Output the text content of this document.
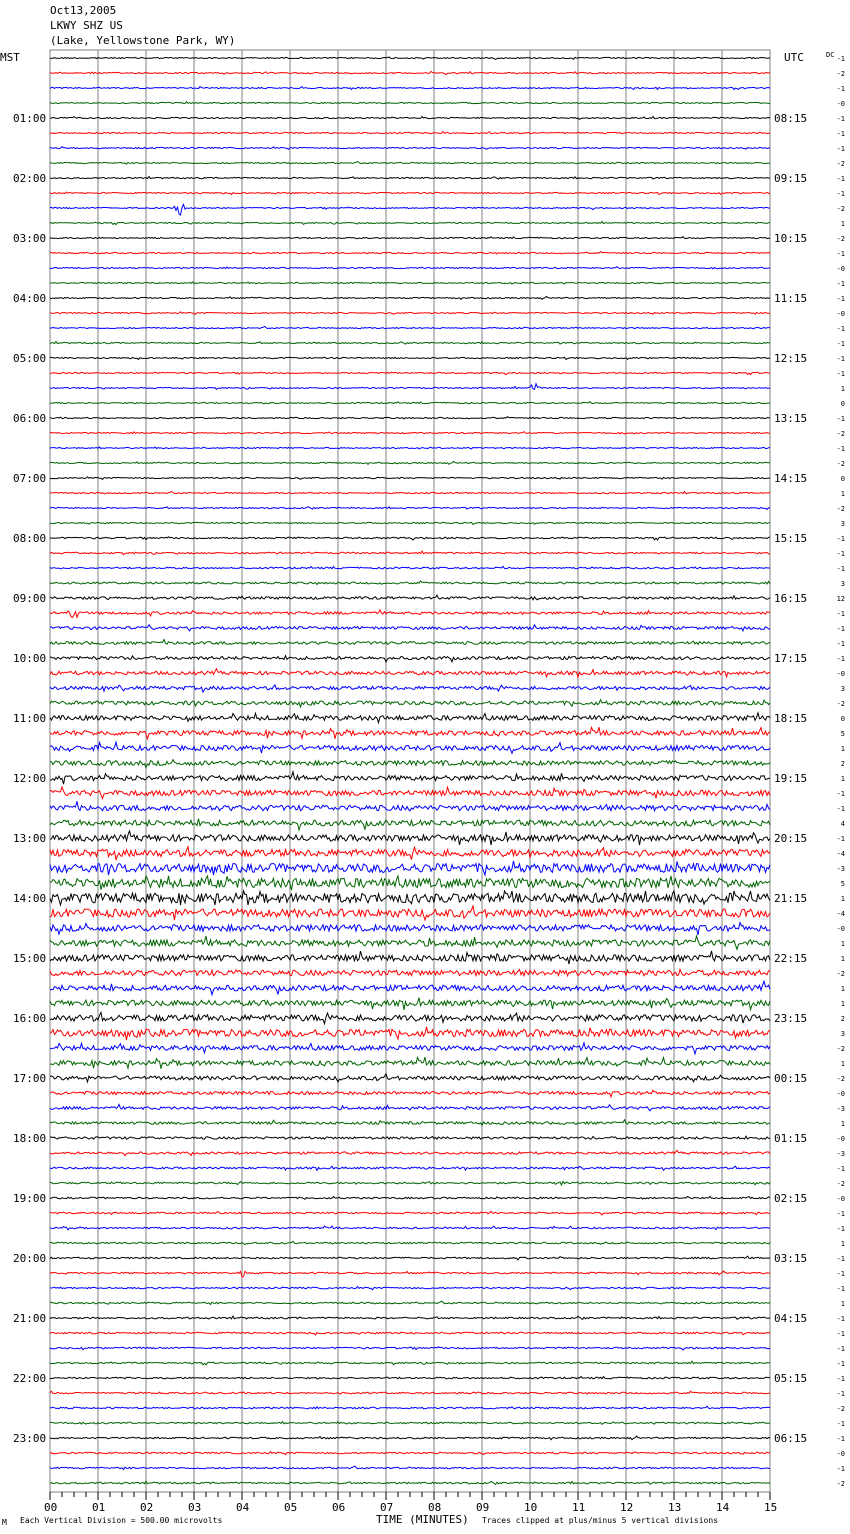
Oct13,2005
LKWY SHZ US
(Lake, Yellowstone Park, WY)
MST	UTC	DC
TIME (MINUTES)
Each Vertical Division = 500.00 microvolts	Traces clipped at plus/minus 5 vertical divisions
M
00	01	02	03	04	05	06	07	08	09	10	11	12	13	14	15
01:00
02:00
03:00
04:00
05:00
06:00
07:00
08:00
09:00
10:00
11:00
12:00
13:00
14:00
15:00
16:00
17:00
18:00
19:00
20:00
21:00
22:00
23:00
08:15
09:15
10:15
11:15
12:15
13:15
14:15
15:15
16:15
17:15
18:15
19:15
20:15
21:15
22:15
23:15
00:15
01:15
02:15
03:15
04:15
05:15
06:15
-1
-2
-1
-0
-1
-1
-1
-2
-1
-1
-2
1
-2
-1
-0
-1
-1
-0
-1
-1
-1
-1
1
0
-1
-2
-1
-2
0
1
-2
3
-1
-1
-1
3
12
-1
-1
-1
-1
-0
3
-2
0
5
1
2
1
-1
-1
4
-1
-4
-3
5
1
-4
-0
1
1
-2
1
1
2
3
-2
1
-2
-0
-3
1
-0
-3
-1
-2
-0
-1
-1
1
-1
-1
-1
1
-1
-1
-1
-1
-1
-1
-2
-1
-1
-0
-1
-2
